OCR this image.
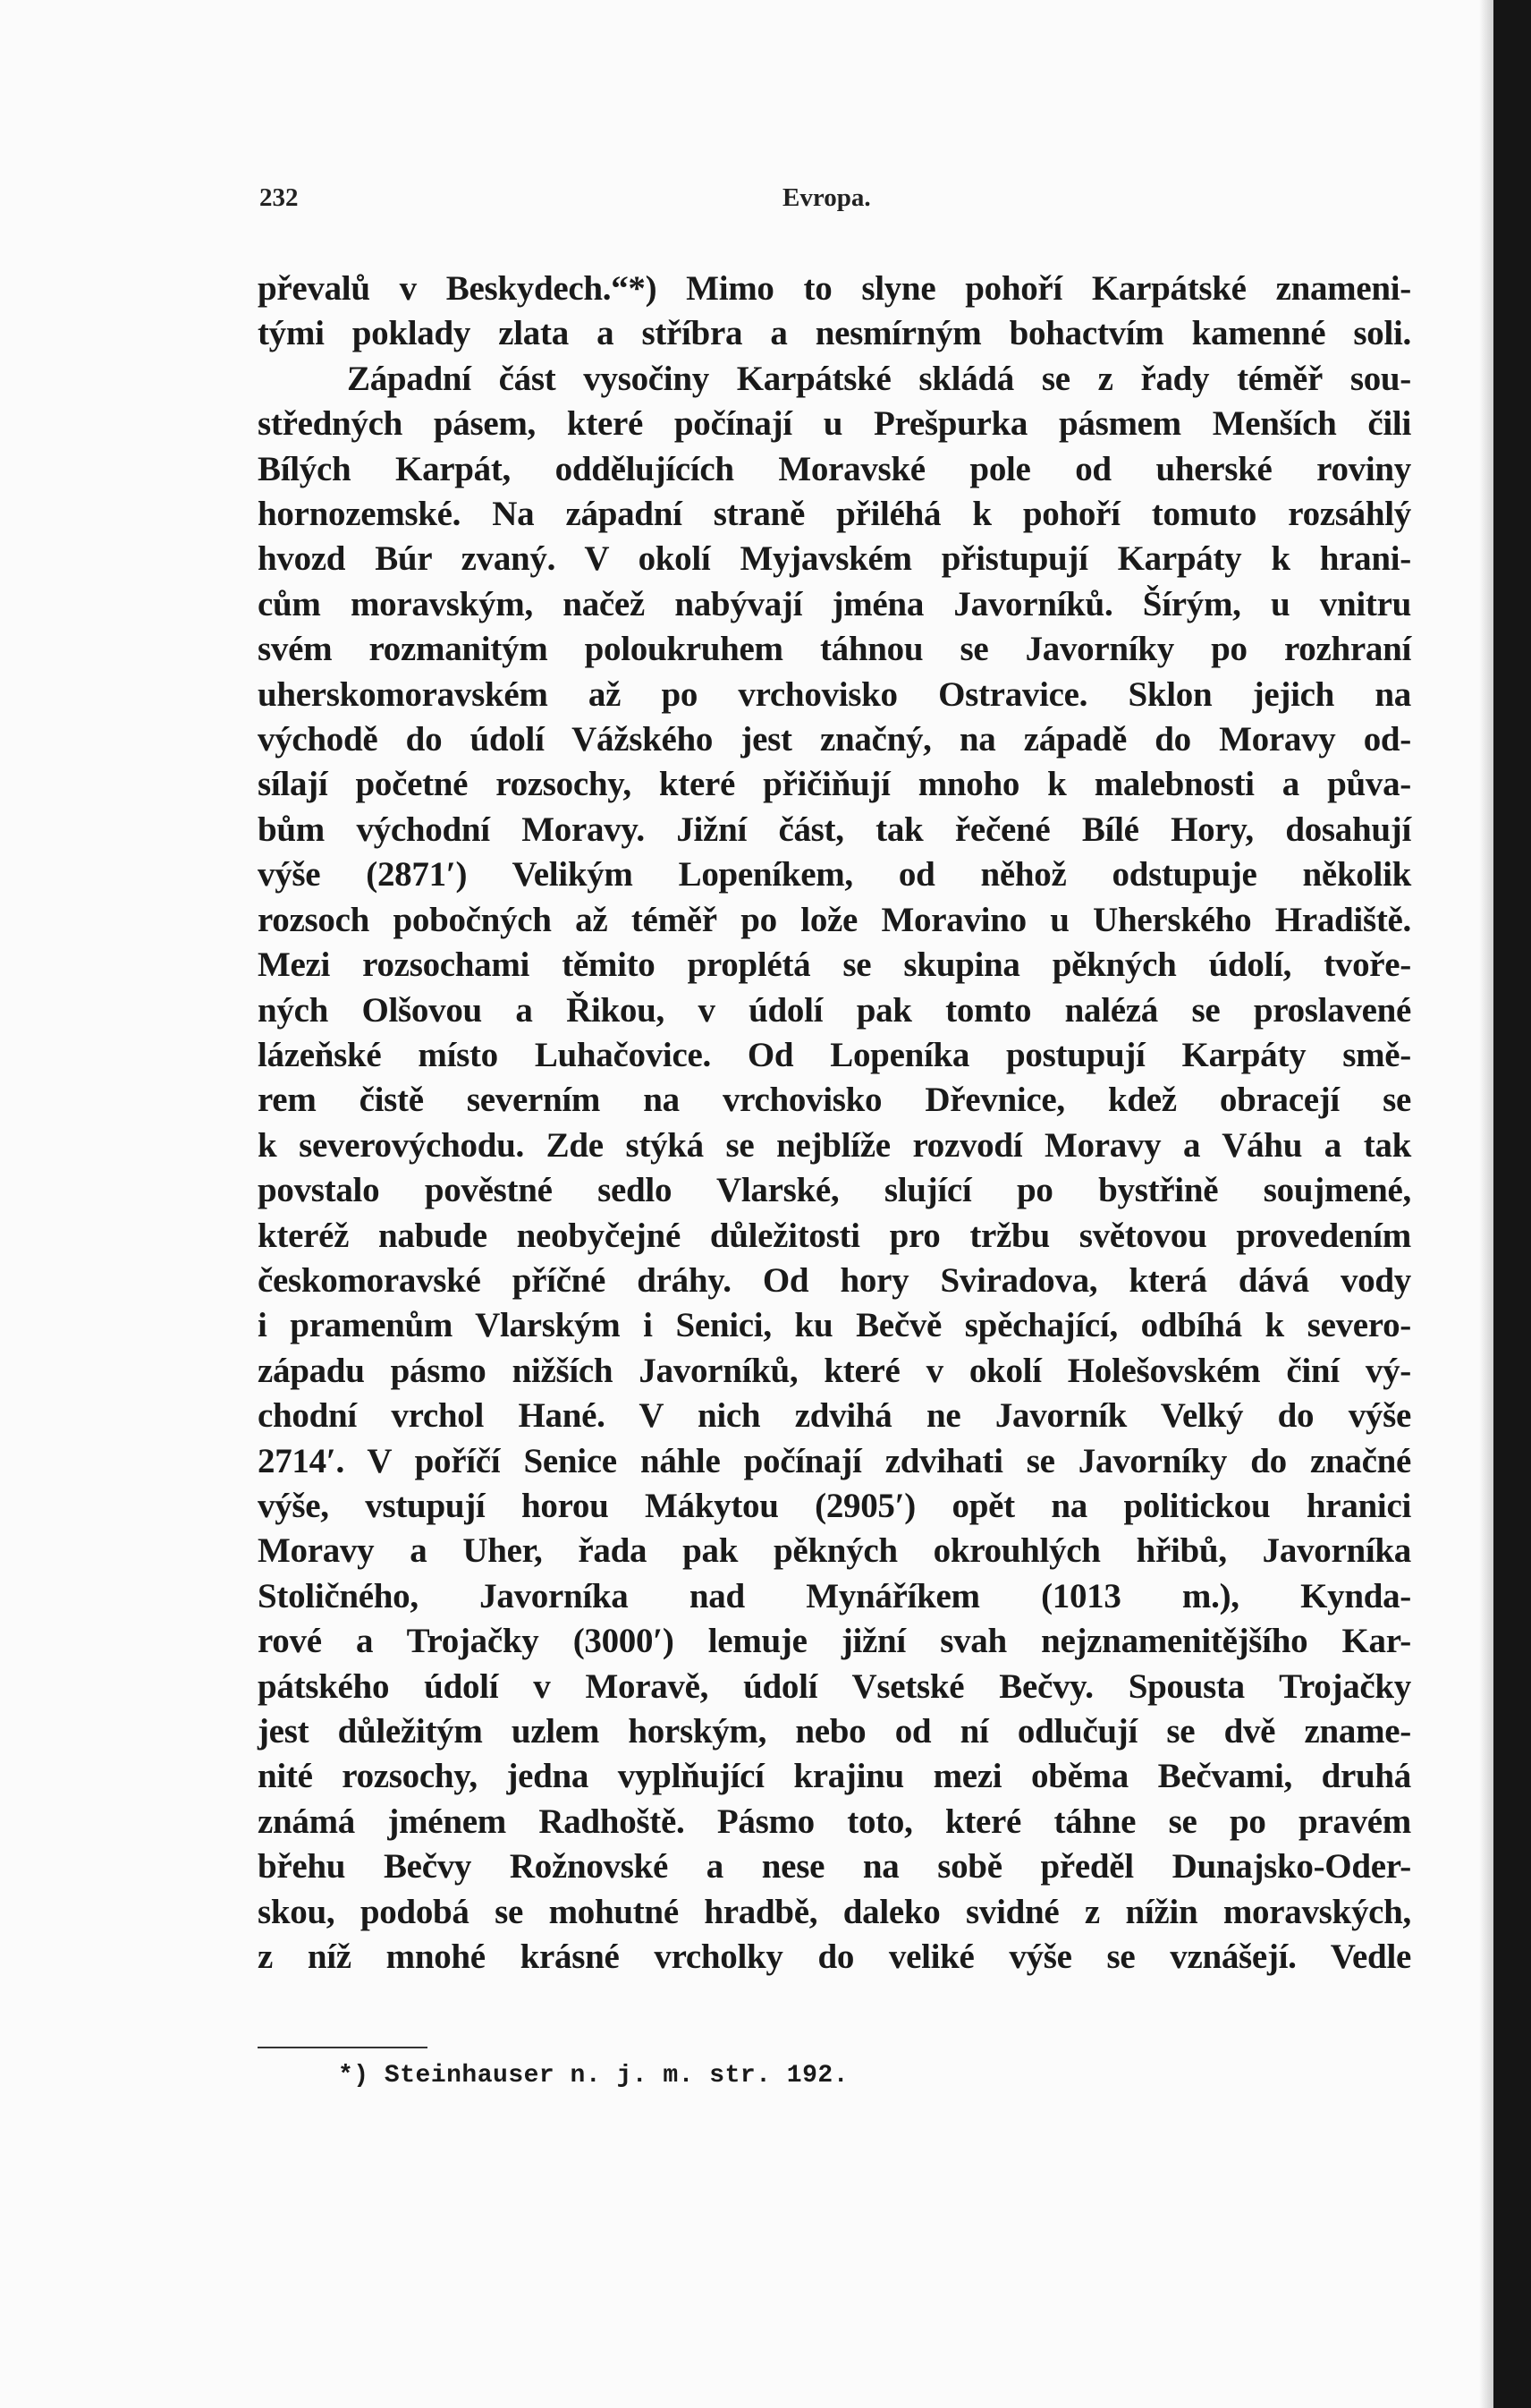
232	Evropa.
převalů v Beskydech.“*) Mimo to slyne pohoří Karpátské znameni-
tými poklady zlata a stříbra a nesmírným bohactvím kamenné soli.
Západní část vysočiny Karpátské skládá se z řady téměř sou-
středných pásem, které počínají u Prešpurka pásmem Menších čili
Bílých Karpát, oddělujících Moravské pole od uherské roviny
hornozemské. Na západní straně přiléhá k pohoří tomuto rozsáhlý
hvozd Búr zvaný. V okolí Myjavském přistupují Karpáty k hrani-
cům moravským, načež nabývají jména Javorníků. Šírým, u vnitru
svém rozmanitým poloukruhem táhnou se Javorníky po rozhraní
uherskomoravském až po vrchovisko Ostravice. Sklon jejich na
východě do údolí Vážského jest značný, na západě do Moravy od-
sílají početné rozsochy, které přičiňují mnoho k malebnosti a půva-
bům východní Moravy. Jižní část, tak řečené Bílé Hory, dosahují
výše (2871′) Velikým Lopeníkem, od něhož odstupuje několik
rozsoch pobočných až téměř po lože Moravino u Uherského Hradiště.
Mezi rozsochami těmito proplétá se skupina pěkných údolí, tvoře-
ných Olšovou a Řikou, v údolí pak tomto nalézá se proslavené
lázeňské místo Luhačovice. Od Lopeníka postupují Karpáty smě-
rem čistě severním na vrchovisko Dřevnice, kdež obracejí se
k severovýchodu. Zde stýká se nejblíže rozvodí Moravy a Váhu a tak
povstalo pověstné sedlo Vlarské, slující po bystřině soujmené,
kteréž nabude neobyčejné důležitosti pro tržbu světovou provedením
českomoravské příčné dráhy. Od hory Sviradova, která dává vody
i pramenům Vlarským i Senici, ku Bečvě spěchající, odbíhá k severo-
západu pásmo nižších Javorníků, které v okolí Holešovském činí vý-
chodní vrchol Hané. V nich zdvihá ne Javorník Velký do výše
2714′. V poříčí Senice náhle počínají zdvihati se Javorníky do značné
výše, vstupují horou Mákytou (2905′) opět na politickou hranici
Moravy a Uher, řada pak pěkných okrouhlých hřibů, Javorníka
Stoličného, Javorníka nad Mynáříkem (1013 m.), Kynda-
rové a Trojačky (3000′) lemuje jižní svah nejznamenitějšího Kar-
pátského údolí v Moravě, údolí Vsetské Bečvy. Spousta Trojačky
jest důležitým uzlem horským, nebo od ní odlučují se dvě zname-
nité rozsochy, jedna vyplňující krajinu mezi oběma Bečvami, druhá
známá jménem Radhoště. Pásmo toto, které táhne se po pravém
břehu Bečvy Rožnovské a nese na sobě předěl Dunajsko-Oder-
skou, podobá se mohutné hradbě, daleko svidné z nížin moravských,
z níž mnohé krásné vrcholky do veliké výše se vznášejí. Vedle
*) Steinhauser n. j. m. str. 192.
